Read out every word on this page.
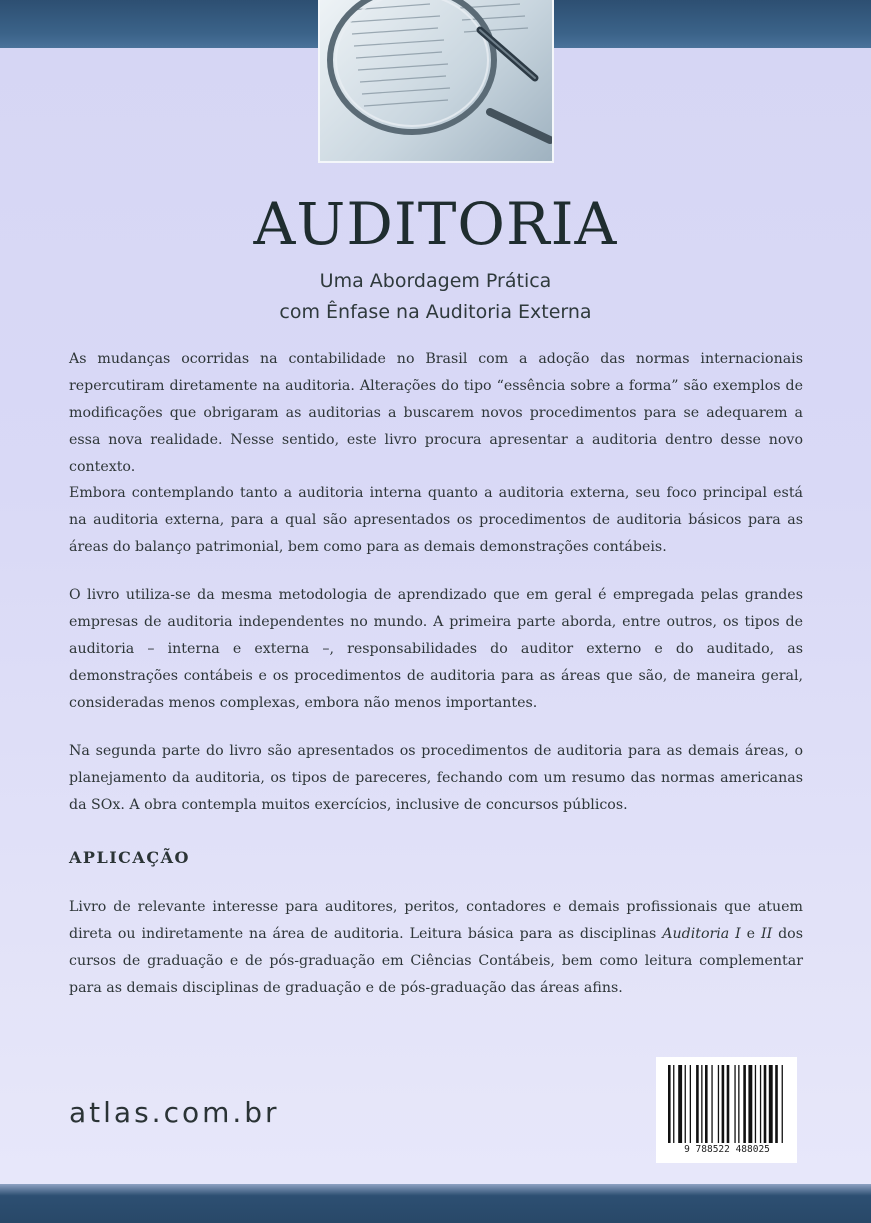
AUDITORIA
Uma Abordagem Prática
com Ênfase na Auditoria Externa
As mudanças ocorridas na contabilidade no Brasil com a adoção das normas internacionais repercutiram diretamente na auditoria. Alterações do tipo “essência sobre a forma” são exemplos de modificações que obrigaram as auditorias a buscarem novos procedimentos para se adequarem a essa nova realidade. Nesse sentido, este livro procura apresentar a auditoria dentro desse novo contexto.
Embora contemplando tanto a auditoria interna quanto a auditoria externa, seu foco principal está na auditoria externa, para a qual são apresentados os procedimentos de auditoria básicos para as áreas do balanço patrimonial, bem como para as demais demonstrações contábeis.
O livro utiliza-se da mesma metodologia de aprendizado que em geral é empregada pelas grandes empresas de auditoria independentes no mundo. A primeira parte aborda, entre outros, os tipos de auditoria – interna e externa –, responsabilidades do auditor externo e do auditado, as demonstrações contábeis e os procedimentos de auditoria para as áreas que são, de maneira geral, consideradas menos complexas, embora não menos importantes.
Na segunda parte do livro são apresentados os procedimentos de auditoria para as demais áreas, o planejamento da auditoria, os tipos de pareceres, fechando com um resumo das normas americanas da SOx. A obra contempla muitos exercícios, inclusive de concursos públicos.
APLICAÇÃO
Livro de relevante interesse para auditores, peritos, contadores e demais profissionais que atuem direta ou indiretamente na área de auditoria. Leitura básica para as disciplinas Auditoria I e II dos cursos de graduação e de pós-graduação em Ciências Contábeis, bem como leitura complementar para as demais disciplinas de graduação e de pós-graduação das áreas afins.
atlas.com.br
9 788522 488025
